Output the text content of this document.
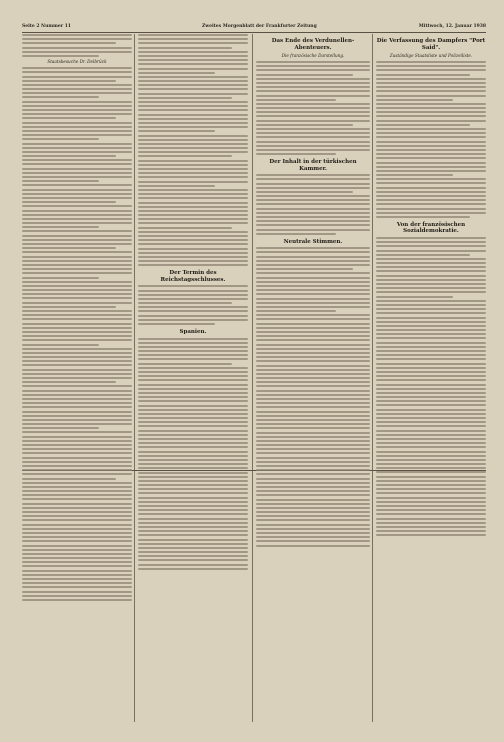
Seite 2 Nummer 11	Zweites Morgenblatt der Frankfurter Zeitung	Mittwoch, 12. Januar 1938
Staatsbesuche Dr. Delbrück
Der Termin des Reichstagsschlusses.
Spanien.
Das Ende des Verdunellen-Abenteuers.
Die französische Darstellung.
Der Inhalt in der türkischen Kammer.
Neutrale Stimmen.
Die Verfassung des Dampfers "Port Said".
Zuständige Staatsliste und Polizeiliste.
Von der französischen Sozialdemokratie.
